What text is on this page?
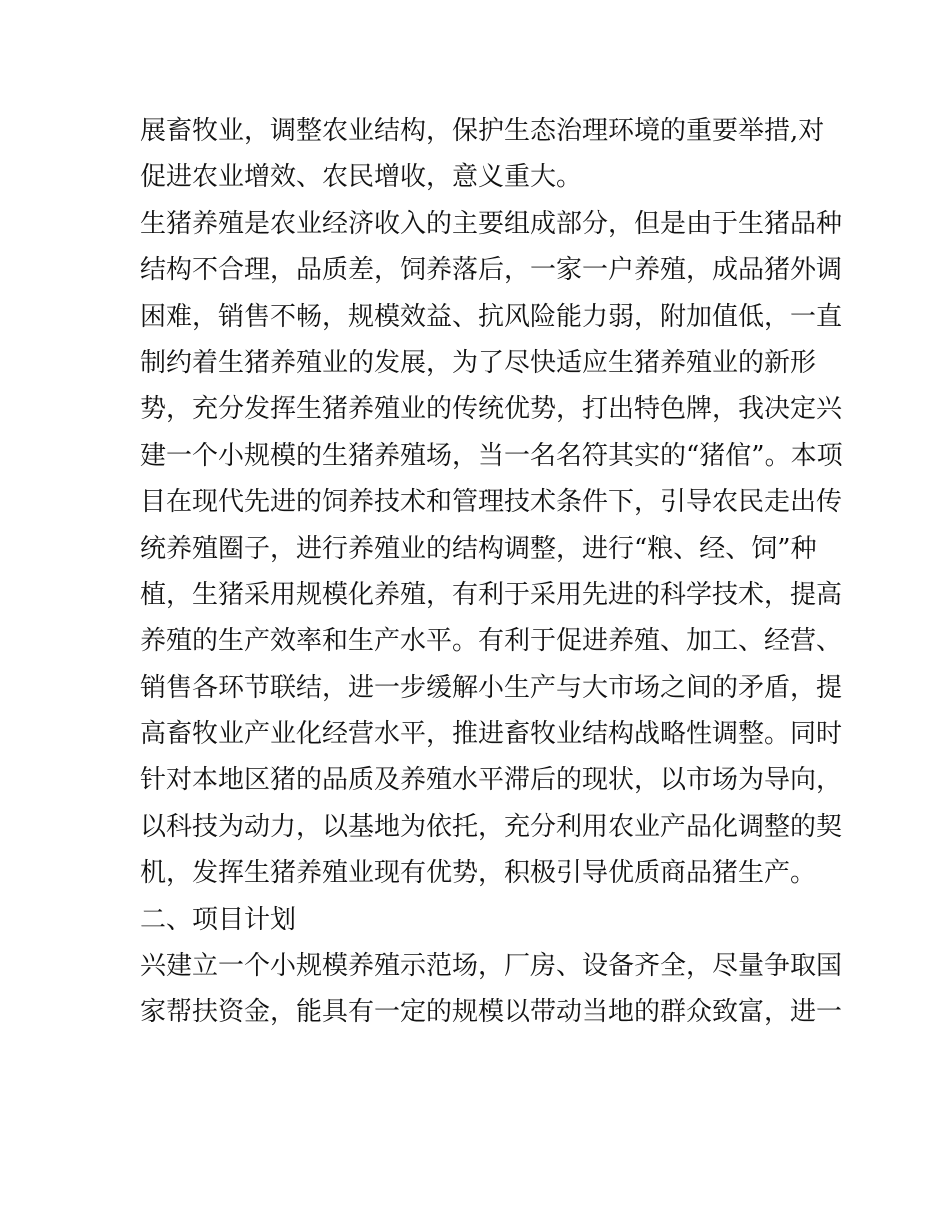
展畜牧业，调整农业结构，保护生态治理环境的重要举措,对
促进农业增效、农民增收，意义重大。

生猪养殖是农业经济收入的主要组成部分，但是由于生猪品种
结构不合理，品质差，饲养落后，一家一户养殖，成品猪外调
困难，销售不畅，规模效益、抗风险能力弱，附加值低，一直
制约着生猪养殖业的发展，为了尽快适应生猪养殖业的新形
势，充分发挥生猪养殖业的传统优势，打出特色牌，我决定兴
建一个小规模的生猪养殖场，当一名名符其实的“猪倌”。本项
目在现代先进的饲养技术和管理技术条件下，引导农民走出传
统养殖圈子，进行养殖业的结构调整，进行“粮、经、饲”种
植，生猪采用规模化养殖，有利于采用先进的科学技术，提高
养殖的生产效率和生产水平。有利于促进养殖、加工、经营、
销售各环节联结，进一步缓解小生产与大市场之间的矛盾，提
高畜牧业产业化经营水平，推进畜牧业结构战略性调整。同时
针对本地区猪的品质及养殖水平滞后的现状，以市场为导向，
以科技为动力，以基地为依托，充分利用农业产品化调整的契
机，发挥生猪养殖业现有优势，积极引导优质商品猪生产。

二、项目计划

兴建立一个小规模养殖示范场，厂房、设备齐全，尽量争取国
家帮扶资金，能具有一定的规模以带动当地的群众致富，进一
